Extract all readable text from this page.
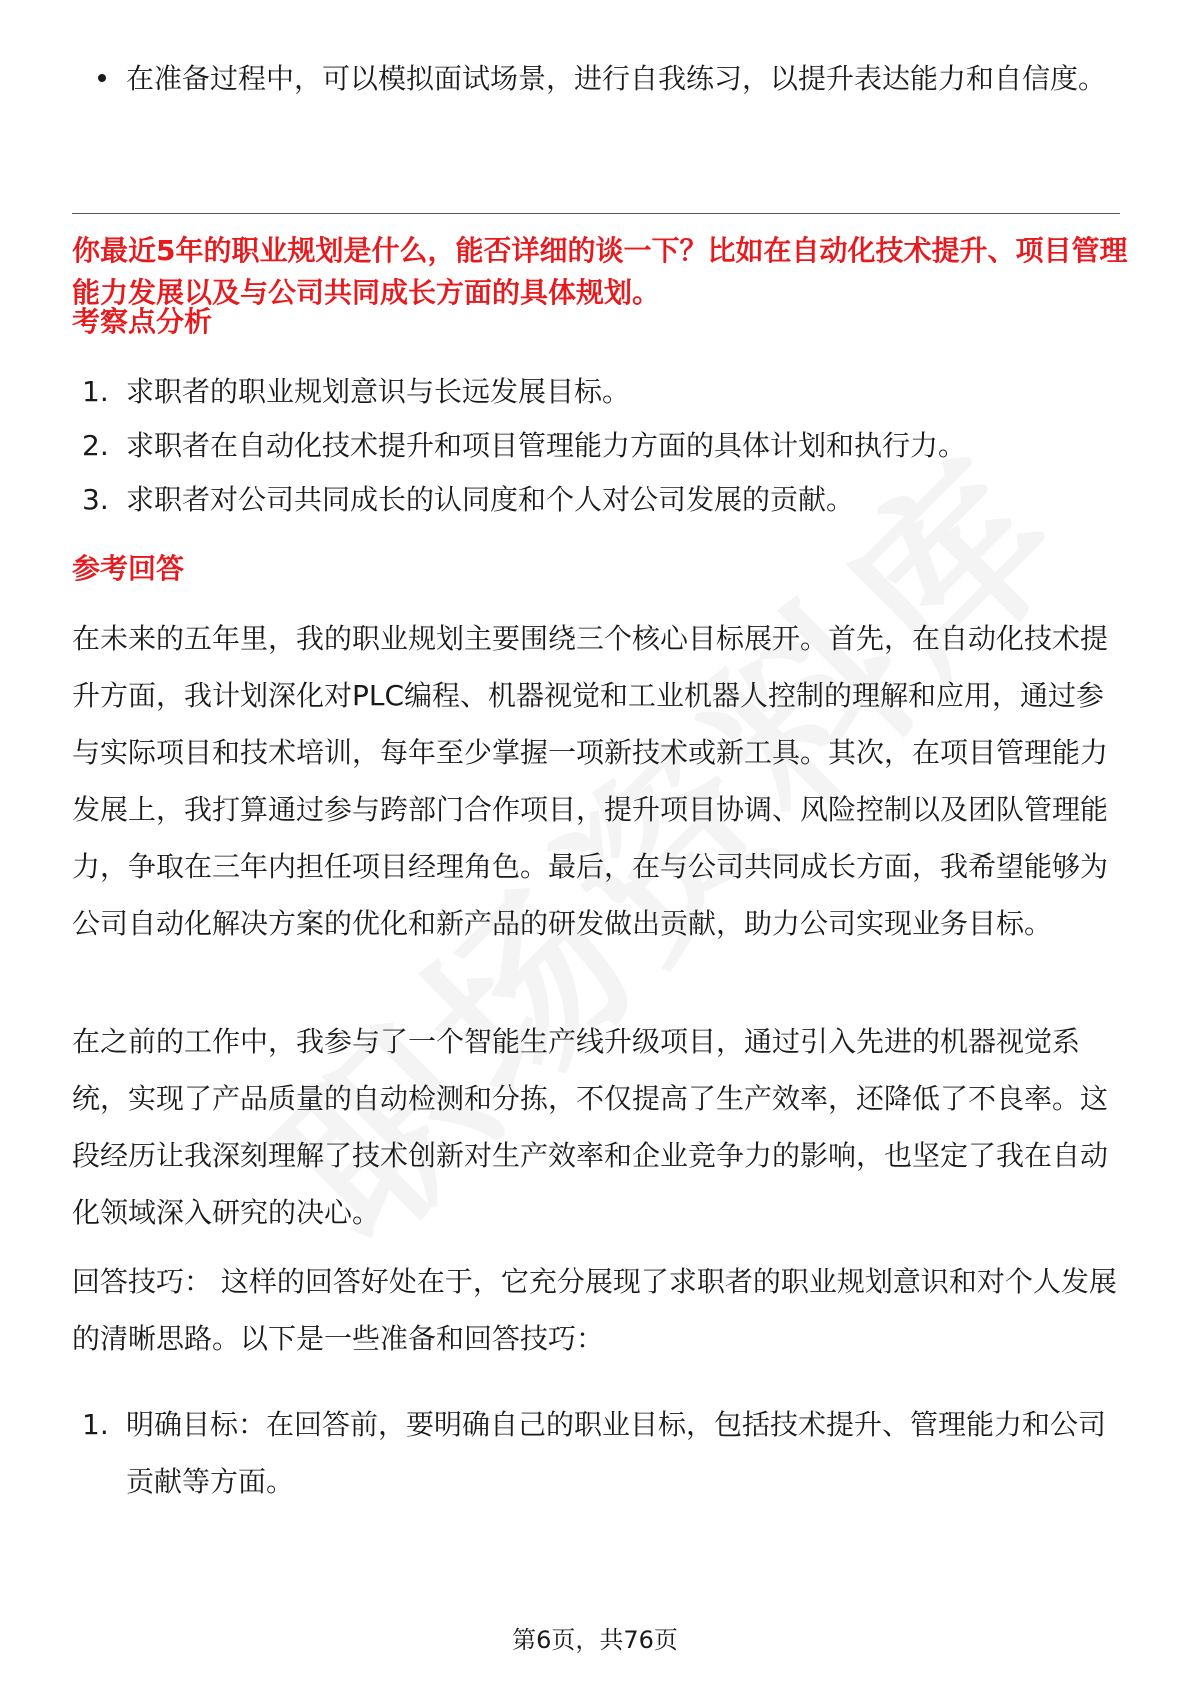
在准备过程中，可以模拟面试场景，进行自我练习，以提升表达能力和自信度。
你最近5年的职业规划是什么，能否详细的谈一下？比如在自动化技术提升、项目管理能力发展以及与公司共同成长方面的具体规划。
考察点分析
1. 求职者的职业规划意识与长远发展目标。
2. 求职者在自动化技术提升和项目管理能力方面的具体计划和执行力。
3. 求职者对公司共同成长的认同度和个人对公司发展的贡献。
参考回答

在未来的五年里，我的职业规划主要围绕三个核心目标展开。首先，在自动化技术提升方面，我计划深化对PLC编程、机器视觉和工业机器人控制的理解和应用，通过参与实际项目和技术培训，每年至少掌握一项新技术或新工具。其次，在项目管理能力发展上，我打算通过参与跨部门合作项目，提升项目协调、风险控制以及团队管理能力，争取在三年内担任项目经理角色。最后，在与公司共同成长方面，我希望能够为公司自动化解决方案的优化和新产品的研发做出贡献，助力公司实现业务目标。

在之前的工作中，我参与了一个智能生产线升级项目，通过引入先进的机器视觉系统，实现了产品质量的自动检测和分拣，不仅提高了生产效率，还降低了不良率。这段经历让我深刻理解了技术创新对生产效率和企业竞争力的影响，也坚定了我在自动化领域深入研究的决心。

回答技巧： 这样的回答好处在于，它充分展现了求职者的职业规划意识和对个人发展的清晰思路。以下是一些准备和回答技巧：

1. 明确目标：在回答前，要明确自己的职业目标，包括技术提升、管理能力和公司贡献等方面。
第6页，共76页
